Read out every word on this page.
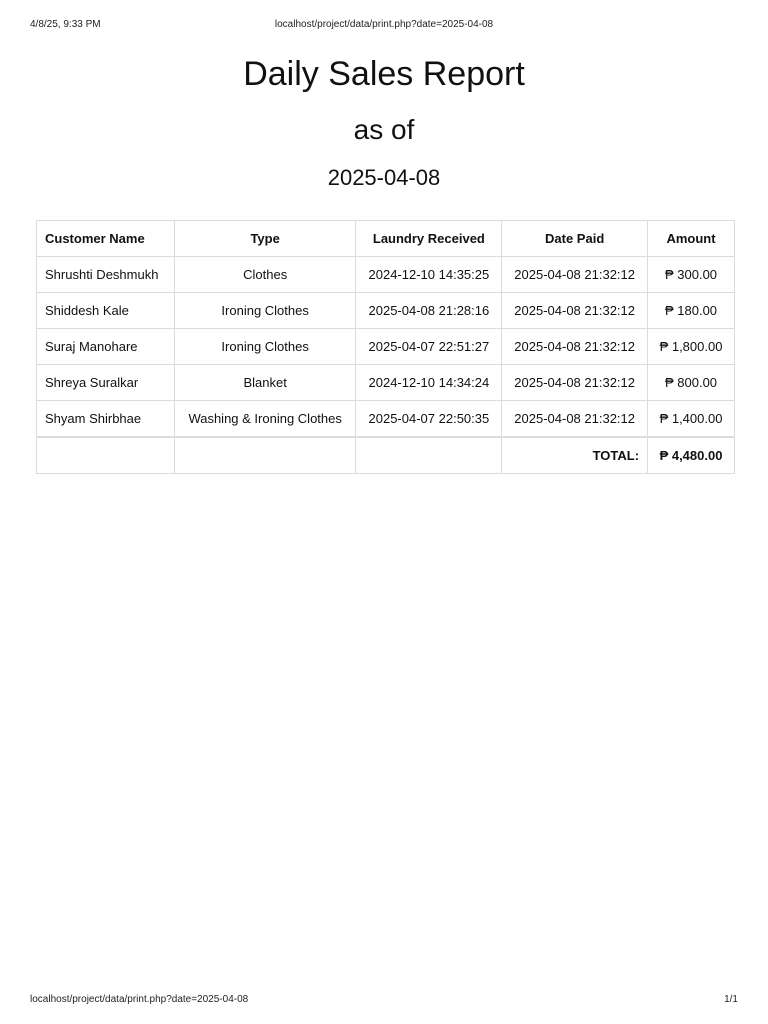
4/8/25, 9:33 PM	localhost/project/data/print.php?date=2025-04-08
Daily Sales Report
as of
2025-04-08
Customer Name	Type	Laundry Received	Date Paid	Amount
Shrushti Deshmukh	Clothes	2024-12-10 14:35:25	2025-04-08 21:32:12	₱ 300.00
Shiddesh Kale	Ironing Clothes	2025-04-08 21:28:16	2025-04-08 21:32:12	₱ 180.00
Suraj Manohare	Ironing Clothes	2025-04-07 22:51:27	2025-04-08 21:32:12	₱ 1,800.00
Shreya Suralkar	Blanket	2024-12-10 14:34:24	2025-04-08 21:32:12	₱ 800.00
Shyam Shirbhae	Washing & Ironing Clothes	2025-04-07 22:50:35	2025-04-08 21:32:12	₱ 1,400.00
			TOTAL:	₱ 4,480.00
localhost/project/data/print.php?date=2025-04-08	1/1
